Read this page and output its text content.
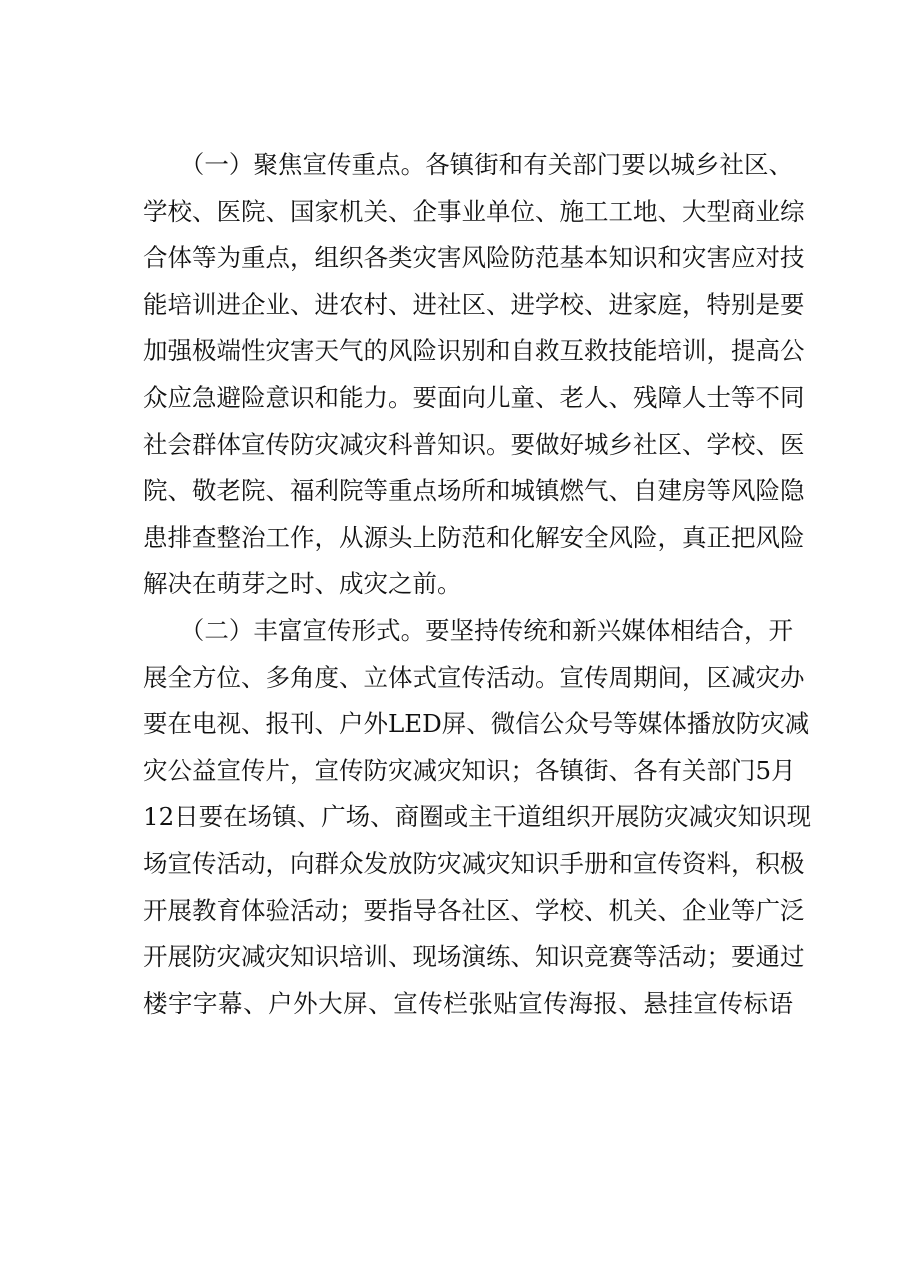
　　（一）聚焦宣传重点。各镇街和有关部门要以城乡社区、
学校、医院、国家机关、企事业单位、施工工地、大型商业综
合体等为重点，组织各类灾害风险防范基本知识和灾害应对技
能培训进企业、进农村、进社区、进学校、进家庭，特别是要
加强极端性灾害天气的风险识别和自救互救技能培训，提高公
众应急避险意识和能力。要面向儿童、老人、残障人士等不同
社会群体宣传防灾减灾科普知识。要做好城乡社区、学校、医
院、敬老院、福利院等重点场所和城镇燃气、自建房等风险隐
患排查整治工作，从源头上防范和化解安全风险，真正把风险
解决在萌芽之时、成灾之前。
　　（二）丰富宣传形式。要坚持传统和新兴媒体相结合，开
展全方位、多角度、立体式宣传活动。宣传周期间，区减灾办
要在电视、报刊、户外LED屏、微信公众号等媒体播放防灾减
灾公益宣传片，宣传防灾减灾知识；各镇街、各有关部门5月
12日要在场镇、广场、商圈或主干道组织开展防灾减灾知识现
场宣传活动，向群众发放防灾减灾知识手册和宣传资料，积极
开展教育体验活动；要指导各社区、学校、机关、企业等广泛
开展防灾减灾知识培训、现场演练、知识竞赛等活动；要通过
楼宇字幕、户外大屏、宣传栏张贴宣传海报、悬挂宣传标语
